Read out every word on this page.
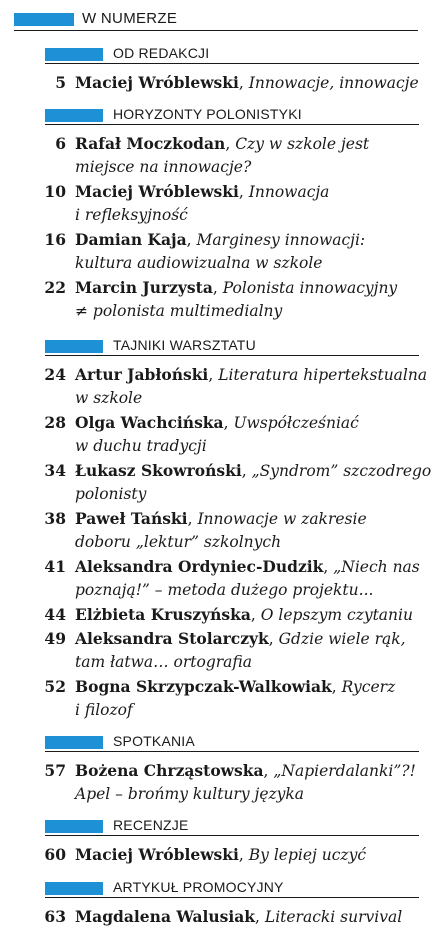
W NUMERZE
OD REDAKCJI
5 Maciej Wróblewski, Innowacje, innowacje
HORYZONTY POLONISTYKI
6 Rafał Moczkodan, Czy w szkole jest
miejsce na innowacje?
10 Maciej Wróblewski, Innowacja
i refleksyjność
16 Damian Kaja, Marginesy innowacji:
kultura audiowizualna w szkole
22 Marcin Jurzysta, Polonista innowacyjny
≠ polonista multimedialny
TAJNIKI WARSZTATU
24 Artur Jabłoński, Literatura hipertekstualna
w szkole
28 Olga Wachcińska, Uwspółcześniać
w duchu tradycji
34 Łukasz Skowroński, „Syndrom” szczodrego
polonisty
38 Paweł Tański, Innowacje w zakresie
doboru „lektur” szkolnych
41 Aleksandra Ordyniec-Dudzik, „Niech nas
poznają!” – metoda dużego projektu...
44 Elżbieta Kruszyńska, O lepszym czytaniu
49 Aleksandra Stolarczyk, Gdzie wiele rąk,
tam łatwa… ortografia
52 Bogna Skrzypczak-Walkowiak, Rycerz
i filozof
SPOTKANIA
57 Bożena Chrząstowska, „Napierdalanki”?!
Apel – brońmy kultury języka
RECENZJE
60 Maciej Wróblewski, By lepiej uczyć
ARTYKUŁ PROMOCYJNY
63 Magdalena Walusiak, Literacki survival
